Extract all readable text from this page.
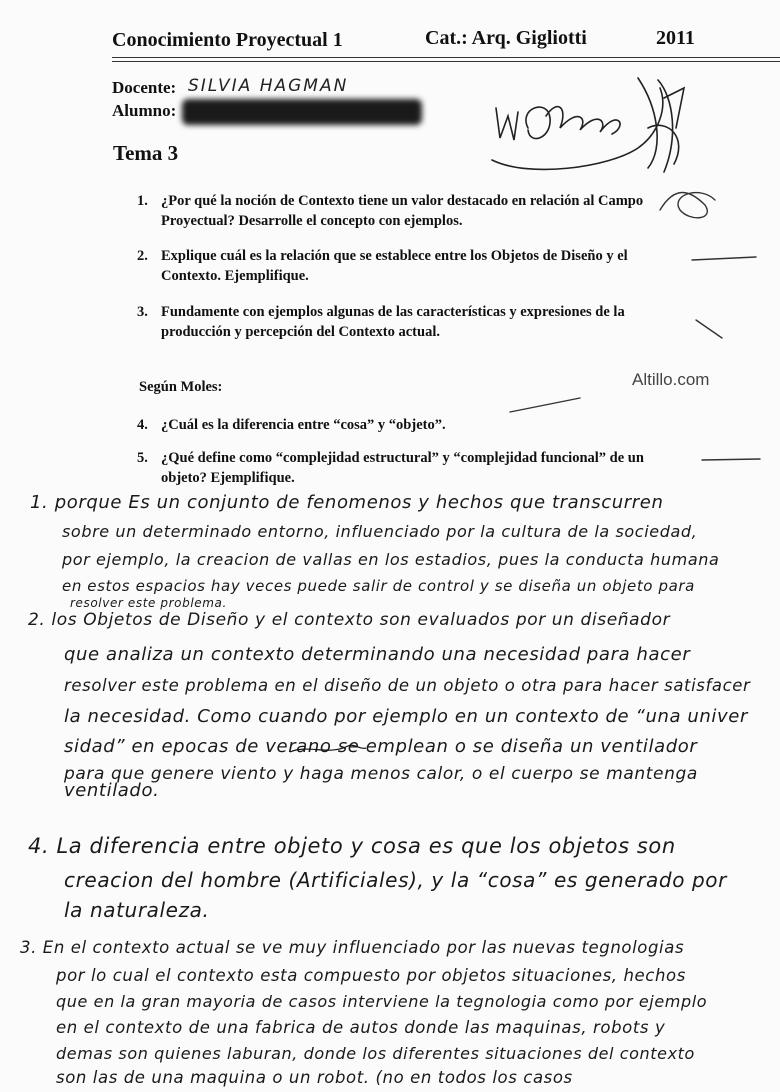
Conocimiento Proyectual 1	Cat.: Arq. Gigliotti	2011
Docente: SILVIA HAGMAN
Alumno:
Tema 3
1. ¿Por qué la noción de Contexto tiene un valor destacado en relación al Campo Proyectual? Desarrolle el concepto con ejemplos.
2. Explique cuál es la relación que se establece entre los Objetos de Diseño y el Contexto. Ejemplifique.
3. Fundamente con ejemplos algunas de las características y expresiones de la producción y percepción del Contexto actual.
Según Moles:	Altillo.com
4. ¿Cuál es la diferencia entre “cosa” y “objeto”.
5. ¿Qué define como “complejidad estructural” y “complejidad funcional” de un objeto? Ejemplifique.
1. porque Es un conjunto de fenomenos y hechos que transcurren
sobre un determinado entorno, influenciado por la cultura de la sociedad,
por ejemplo, la creacion de vallas en los estadios, pues la conducta humana
en estos espacios hay veces puede salir de control y se diseña un objeto para
resolver este problema.
2. los Objetos de Diseño y el contexto son evaluados por un diseñador
que analiza un contexto determinando una necesidad para hacer
resolver este problema en el diseño de un objeto o otra para hacer satisfacer
la necesidad. Como cuando por ejemplo en un contexto de “una univer
sidad” en epocas de verano se emplean o se diseña un ventilador
para que genere viento y haga menos calor, o el cuerpo se mantenga
ventilado.
4. La diferencia entre objeto y cosa es que los objetos son
creacion del hombre (Artificiales), y la “cosa” es generado por
la naturaleza.
3. En el contexto actual se ve muy influenciado por las nuevas tegnologias
por lo cual el contexto esta compuesto por objetos situaciones, hechos
que en la gran mayoria de casos interviene la tegnologia como por ejemplo
en el contexto de una fabrica de autos donde las maquinas, robots y
demas son quienes laburan, donde los diferentes situaciones del contexto
son las de una maquina o un robot. (no en todos los casos
